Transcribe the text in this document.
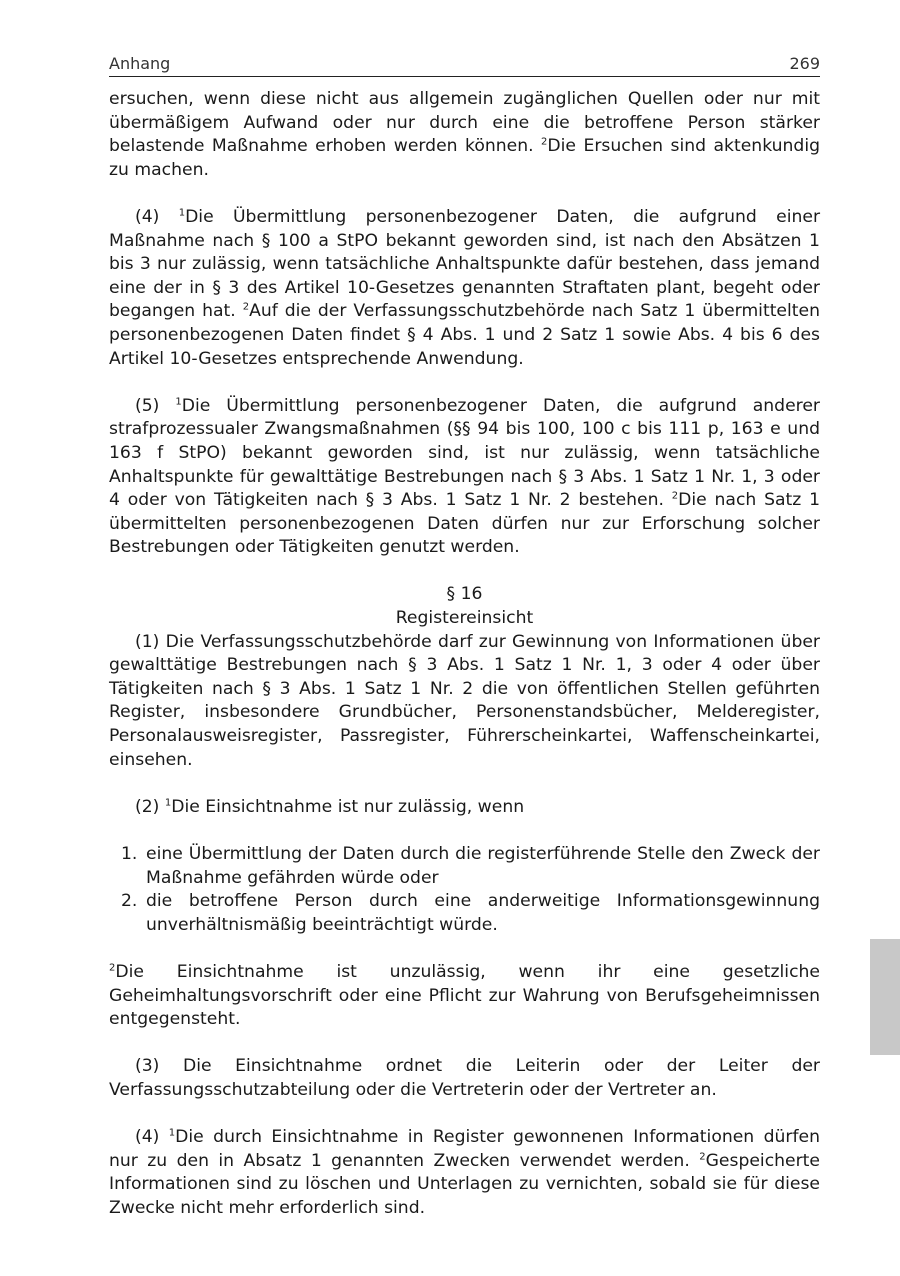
Anhang	269

ersuchen, wenn diese nicht aus allgemein zugänglichen Quellen oder nur mit übermäßigem Aufwand oder nur durch eine die betroffene Person stärker belastende Maßnahme erhoben werden können. $^2$Die Ersuchen sind aktenkundig zu machen.

(4) $^1$Die Übermittlung personenbezogener Daten, die aufgrund einer Maßnahme nach § 100 a StPO bekannt geworden sind, ist nach den Absätzen 1 bis 3 nur zulässig, wenn tatsächliche Anhaltspunkte dafür bestehen, dass jemand eine der in § 3 des Artikel 10-Gesetzes genannten Straftaten plant, begeht oder begangen hat. $^2$Auf die der Verfassungsschutzbehörde nach Satz 1 übermittelten personenbezogenen Daten findet § 4 Abs. 1 und 2 Satz 1 sowie Abs. 4 bis 6 des Artikel 10-Gesetzes entsprechende Anwendung.

(5) $^1$Die Übermittlung personenbezogener Daten, die aufgrund anderer strafprozessualer Zwangsmaßnahmen (§§ 94 bis 100, 100 c bis 111 p, 163 e und 163 f StPO) bekannt geworden sind, ist nur zulässig, wenn tatsächliche Anhaltspunkte für gewalttätige Bestrebungen nach § 3 Abs. 1 Satz 1 Nr. 1, 3 oder 4 oder von Tätigkeiten nach § 3 Abs. 1 Satz 1 Nr. 2 bestehen. $^2$Die nach Satz 1 übermittelten personenbezogenen Daten dürfen nur zur Erforschung solcher Bestrebungen oder Tätigkeiten genutzt werden.

§ 16

Registereinsicht

(1) Die Verfassungsschutzbehörde darf zur Gewinnung von Informationen über gewalttätige Bestrebungen nach § 3 Abs. 1 Satz 1 Nr. 1, 3 oder 4 oder über Tätigkeiten nach § 3 Abs. 1 Satz 1 Nr. 2 die von öffentlichen Stellen geführten Register, insbesondere Grundbücher, Personenstandsbücher, Melderegister, Personalausweisregister, Passregister, Führerscheinkartei, Waffenscheinkartei, einsehen.

(2) $^1$Die Einsichtnahme ist nur zulässig, wenn

1. eine Übermittlung der Daten durch die registerführende Stelle den Zweck der Maßnahme gefährden würde oder
2. die betroffene Person durch eine anderweitige Informationsgewinnung unverhältnismäßig beeinträchtigt würde.

$^2$Die Einsichtnahme ist unzulässig, wenn ihr eine gesetzliche Geheimhaltungsvorschrift oder eine Pflicht zur Wahrung von Berufsgeheimnissen entgegensteht.

(3) Die Einsichtnahme ordnet die Leiterin oder der Leiter der Verfassungsschutzabteilung oder die Vertreterin oder der Vertreter an.

(4) $^1$Die durch Einsichtnahme in Register gewonnenen Informationen dürfen nur zu den in Absatz 1 genannten Zwecken verwendet werden. $^2$Gespeicherte Informationen sind zu löschen und Unterlagen zu vernichten, sobald sie für diese Zwecke nicht mehr erforderlich sind.
